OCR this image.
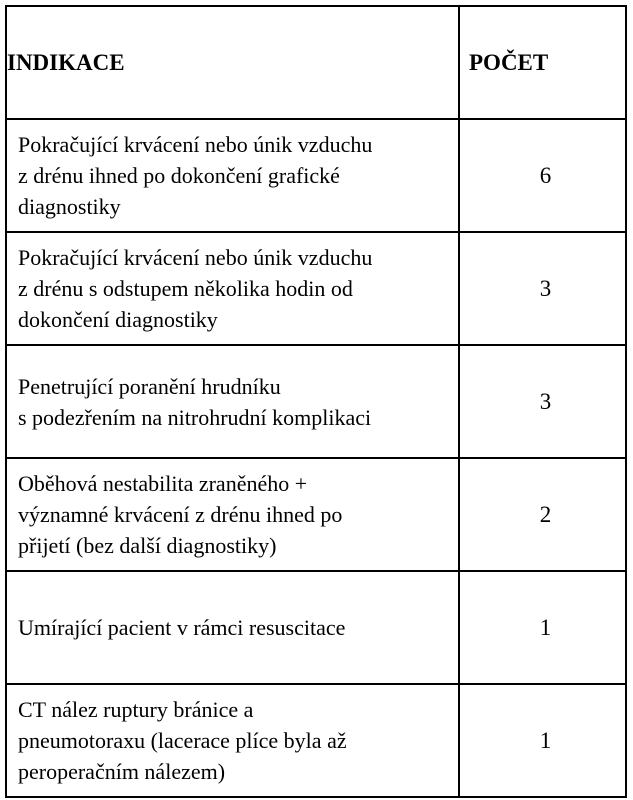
INDIKACE	POČET
Pokračující krvácení nebo únik vzduchu
z drénu ihned po dokončení grafické
diagnostiky	6
Pokračující krvácení nebo únik vzduchu
z drénu s odstupem několika hodin od
dokončení diagnostiky	3
Penetrující poranění hrudníku
s podezřením na nitrohrudní komplikaci	3
Oběhová nestabilita zraněného +
významné krvácení z drénu ihned po
přijetí (bez další diagnostiky)	2
Umírající pacient v rámci resuscitace	1
CT nález ruptury bránice a
pneumotoraxu (lacerace plíce byla až
peroperačním nálezem)	1
